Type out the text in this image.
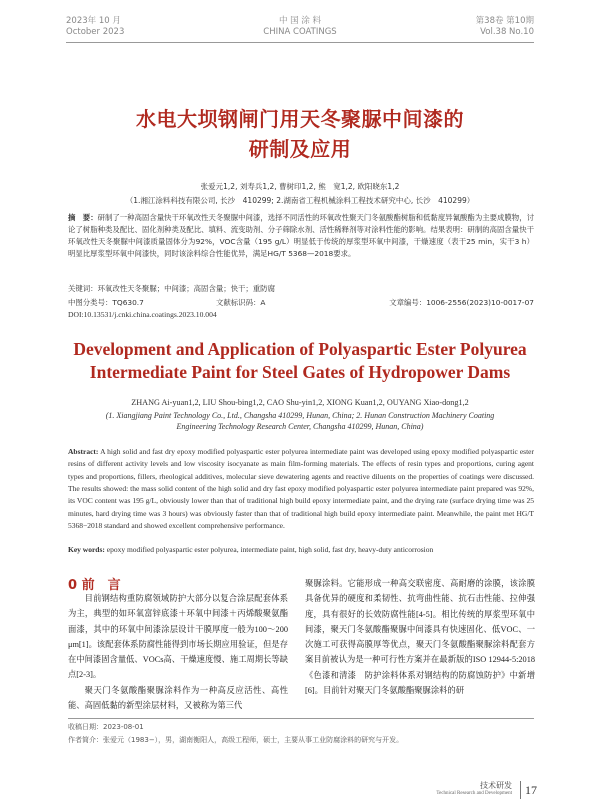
2023年 10 月
October 2023
中 国 涂 料
CHINA COATINGS
第38卷 第10期
Vol.38 No.10
水电大坝钢闸门用天冬聚脲中间漆的
研制及应用
张爱元1,2, 刘寿兵1,2, 曹树印1,2, 熊　宽1,2, 欧阳晓东1,2
（1.湘江涂料科技有限公司, 长沙　410299; 2.湖南省工程机械涂料工程技术研究中心, 长沙　410299）
摘　要：研制了一种高固含量快干环氧改性天冬聚脲中间漆，选择不同活性的环氧改性聚天门冬氨酸酯树脂和低黏度异氰酸酯为主要成膜物，讨论了树脂种类及配比、固化剂种类及配比、填料、流变助剂、分子筛除水剂、活性稀释剂等对涂料性能的影响。结果表明：研制的高固含量快干环氧改性天冬聚脲中间漆质量固体分为92%，VOC含量（195 g/L）明显低于传统的厚浆型环氧中间漆，干燥速度（表干25 min，实干3 h）明显比厚浆型环氧中间漆快，同时该涂料综合性能优异，满足HG/T 5368—2018要求。
关键词：环氧改性天冬聚脲；中间漆；高固含量；快干；重防腐
中图分类号：TQ630.7	文献标识码：A	文章编号：1006-2556(2023)10-0017-07
DOI:10.13531/j.cnki.china.coatings.2023.10.004
Development and Application of Polyaspartic Ester Polyurea
Intermediate Paint for Steel Gates of Hydropower Dams
ZHANG Ai-yuan1,2, LIU Shou-bing1,2, CAO Shu-yin1,2, XIONG Kuan1,2, OUYANG Xiao-dong1,2
(1. Xiangjiang Paint Technology Co., Ltd., Changsha 410299, Hunan, China; 2. Hunan Construction Machinery Coating
Engineering Technology Research Center, Changsha 410299, Hunan, China)
Abstract: A high solid and fast dry epoxy modified polyaspartic ester polyurea intermediate paint was developed using epoxy modified polyaspartic ester resins of different activity levels and low viscosity isocyanate as main film-forming materials. The effects of resin types and proportions, curing agent types and proportions, fillers, rheological additives, molecular sieve dewatering agents and reactive diluents on the properties of coatings were discussed. The results showed: the mass solid content of the high solid and dry fast epoxy modified polyaspartic ester polyurea intermediate paint prepared was 92%, its VOC content was 195 g/L, obviously lower than that of traditional high build epoxy intermediate paint, and the drying rate (surface drying time was 25 minutes, hard drying time was 3 hours) was obviously faster than that of traditional high build epoxy intermediate paint. Meanwhile, the paint met HG/T 5368−2018 standard and showed excellent comprehensive performance.
Key words: epoxy modified polyaspartic ester polyurea, intermediate paint, high solid, fast dry, heavy-duty anticorrosion
0 前　言

目前钢结构重防腐领域防护大部分以复合涂层配套体系为主，典型的如环氧富锌底漆＋环氧中间漆＋丙烯酸聚氨酯面漆，其中的环氧中间漆涂层设计干膜厚度一般为100～200 μm[1]。该配套体系防腐性能得到市场长期应用验证，但是存在中间漆固含量低、VOCs高、干燥速度慢、施工周期长等缺点[2-3]。

聚天门冬氨酸酯聚脲涂料作为一种高反应活性、高性能、高固低黏的新型涂层材料，又被称为第三代

聚脲涂料。它能形成一种高交联密度、高耐磨的涂膜，该涂膜具备优异的硬度和柔韧性、抗弯曲性能、抗石击性能、拉伸强度，具有很好的长效防腐性能[4-5]。相比传统的厚浆型环氧中间漆，聚天门冬氨酸酯聚脲中间漆具有快速固化、低VOC、一次施工可获得高膜厚等优点，聚天门冬氨酸酯聚脲涂料配套方案目前被认为是一种可行性方案并在最新版的ISO 12944-5:2018《色漆和清漆　防护涂料体系对钢结构的防腐蚀防护》中新增[6]。目前针对聚天门冬氨酸酯聚脲涂料的研

收稿日期：2023-08-01
作者简介：张爱元（1983−），男，湖南衡阳人，高级工程师，硕士，主要从事工业防腐涂料的研究与开发。
技术研发
Technical Research and Development 17
